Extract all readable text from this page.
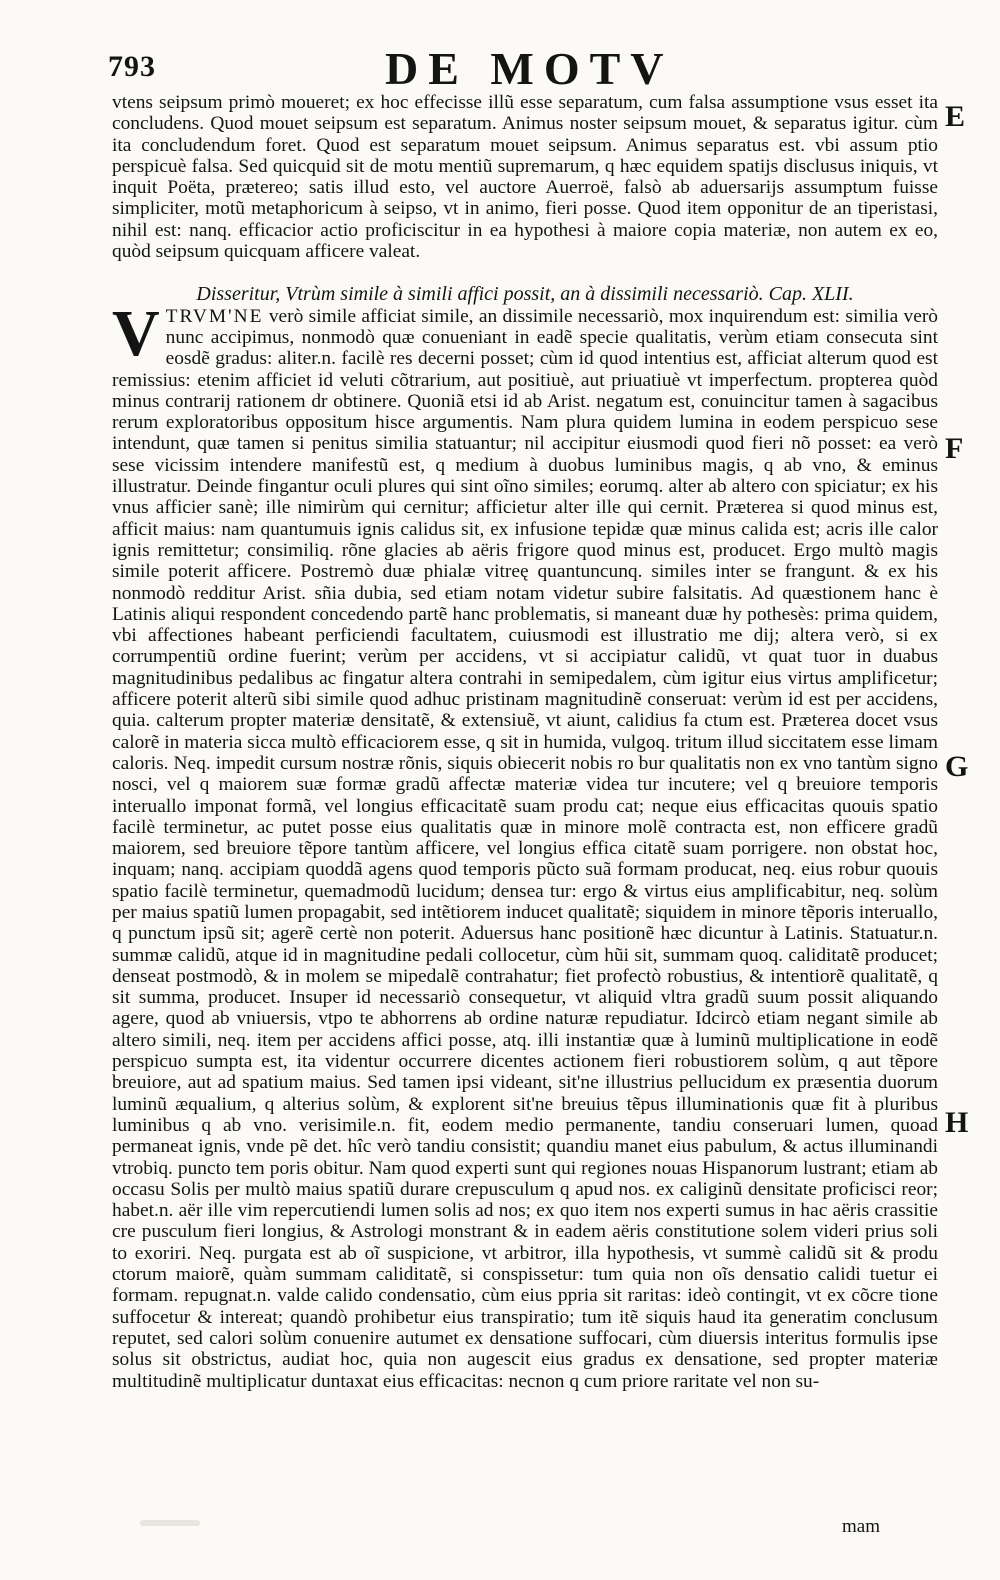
793	DE MOTV

vtens seipsum primò moueret; ex hoc effecisse illũ esse separatum, cum falsa assumptione vsus esset ita concludens. Quod mouet seipsum est separatum. Animus noster seipsum mouet, & separatus igitur. cùm ita concludendum foret. Quod est separatum mouet seipsum. Animus separatus est. vbi assum ptio perspicuè falsa. Sed quicquid sit de motu mentiũ supremarum, q hæc equidem spatijs disclusus iniquis, vt inquit Poëta, prætereo; satis illud esto, vel auctore Auerroë, falsò ab aduersarijs assumptum fuisse simpliciter, motũ metaphoricum à seipso, vt in animo, fieri posse. Quod item opponitur de an tiperistasi, nihil est: nanq. efficacior actio proficiscitur in ea hypothesi à maiore copia materiæ, non autem ex eo, quòd seipsum quicquam afficere valeat.

Disseritur, Vtrùm simile à simili affici possit, an à dissimili necessariò. Cap. XLII.

V TRVM'NE verò simile afficiat simile, an dissimile necessariò, mox inquirendum est: similia verò nunc accipimus, nonmodò quæ conueniant in eadẽ specie qualitatis, verùm etiam consecuta sint eosdẽ gradus: aliter.n. facilè res decerni posset; cùm id quod intentius est, afficiat alterum quod est remissius: etenim afficiet id veluti cõtrarium, aut positiuè, aut priuatiuè vt imperfectum. propterea quòd minus contrarij rationem dr obtinere. Quoniã etsi id ab Arist. negatum est, conuincitur tamen à sagacibus rerum exploratoribus oppositum hisce argumentis. Nam plura quidem lumina in eodem perspicuo sese intendunt, quæ tamen si penitus similia statuantur; nil accipitur eiusmodi quod fieri nõ posset: ea verò sese vicissim intendere manifestũ est, q medium à duobus luminibus magis, q ab vno, & eminus illustratur. Deinde fingantur oculi plures qui sint oĩno similes; eorumq. alter ab altero con spiciatur; ex his vnus afficier sanè; ille nimirùm qui cernitur; afficietur alter ille qui cernit. Præterea si quod minus est, afficit maius: nam quantumuis ignis calidus sit, ex infusione tepidæ quæ minus calida est; acris ille calor ignis remittetur; consimiliq. rõne glacies ab aëris frigore quod minus est, producet. Ergo multò magis simile poterit afficere. Postremò duæ phialæ vitreę quantuncunq. similes inter se frangunt. & ex his nonmodò redditur Arist. sñia dubia, sed etiam notam videtur subire falsitatis. Ad quæstionem hanc è Latinis aliqui respondent concedendo partẽ hanc problematis, si maneant duæ hy pothesès: prima quidem, vbi affectiones habeant perficiendi facultatem, cuiusmodi est illustratio me dij; altera verò, si ex corrumpentiũ ordine fuerint; verùm per accidens, vt si accipiatur calidũ, vt quat tuor in duabus magnitudinibus pedalibus ac fingatur altera contrahi in semipedalem, cùm igitur eius virtus amplificetur; afficere poterit alterũ sibi simile quod adhuc pristinam magnitudinẽ conseruat: verùm id est per accidens, quia. calterum propter materiæ densitatẽ, & extensiuẽ, vt aiunt, calidius fa ctum est. Præterea docet vsus calorẽ in materia sicca multò efficaciorem esse, q sit in humida, vulgoq. tritum illud siccitatem esse limam caloris. Neq. impedit cursum nostræ rõnis, siquis obiecerit nobis ro bur qualitatis non ex vno tantùm signo nosci, vel q maiorem suæ formæ gradũ affectæ materiæ videa tur incutere; vel q breuiore temporis interuallo imponat formã, vel longius efficacitatẽ suam produ cat; neque eius efficacitas quouis spatio facilè terminetur, ac putet posse eius qualitatis quæ in minore molẽ contracta est, non efficere gradũ maiorem, sed breuiore tẽpore tantùm afficere, vel longius effica citatẽ suam porrigere. non obstat hoc, inquam; nanq. accipiam quoddã agens quod temporis pũcto suã formam producat, neq. eius robur quouis spatio facilè terminetur, quemadmodũ lucidum; densea tur: ergo & virtus eius amplificabitur, neq. solùm per maius spatiũ lumen propagabit, sed intẽtiorem inducet qualitatẽ; siquidem in minore tẽporis interuallo, q punctum ipsũ sit; agerẽ certè non poterit. Aduersus hanc positionẽ hæc dicuntur à Latinis. Statuatur.n. summæ calidũ, atque id in magnitudine pedali collocetur, cùm hũi sit, summam quoq. caliditatẽ producet; denseat postmodò, & in molem se mipedalẽ contrahatur; fiet profectò robustius, & intentiorẽ qualitatẽ, q sit summa, producet. Insuper id necessariò consequetur, vt aliquid vltra gradũ suum possit aliquando agere, quod ab vniuersis, vtpo te abhorrens ab ordine naturæ repudiatur. Idcircò etiam negant simile ab altero simili, neq. item per accidens affici posse, atq. illi instantiæ quæ à luminũ multiplicatione in eodẽ perspicuo sumpta est, ita videntur occurrere dicentes actionem fieri robustiorem solùm, q aut tẽpore breuiore, aut ad spatium maius. Sed tamen ipsi videant, sit'ne illustrius pellucidum ex præsentia duorum luminũ æqualium, q alterius solùm, & explorent sit'ne breuius tẽpus illuminationis quæ fit à pluribus luminibus q ab vno. verisimile.n. fit, eodem medio permanente, tandiu conseruari lumen, quoad permaneat ignis, vnde pẽ det. hîc verò tandiu consistit; quandiu manet eius pabulum, & actus illuminandi vtrobiq. puncto tem poris obitur. Nam quod experti sunt qui regiones nouas Hispanorum lustrant; etiam ab occasu Solis per multò maius spatiũ durare crepusculum q apud nos. ex caliginũ densitate proficisci reor; habet.n. aër ille vim repercutiendi lumen solis ad nos; ex quo item nos experti sumus in hac aëris crassitie cre pusculum fieri longius, & Astrologi monstrant & in eadem aëris constitutione solem videri prius soli to exoriri. Neq. purgata est ab oĩ suspicione, vt arbitror, illa hypothesis, vt summè calidũ sit & produ ctorum maiorẽ, quàm summam caliditatẽ, si conspissetur: tum quia non oĩs densatio calidi tuetur ei formam. repugnat.n. valde calido condensatio, cùm eius ppria sit raritas: ideò contingit, vt ex cõcre tione suffocetur & intereat; quandò prohibetur eius transpiratio; tum itẽ siquis haud ita generatim conclusum reputet, sed calori solùm conuenire autumet ex densatione suffocari, cùm diuersis interitus formulis ipse solus sit obstrictus, audiat hoc, quia non augescit eius gradus ex densatione, sed propter materiæ multitudinẽ multiplicatur duntaxat eius efficacitas: necnon q cum priore raritate vel non su-

E
F
G
H
mam
